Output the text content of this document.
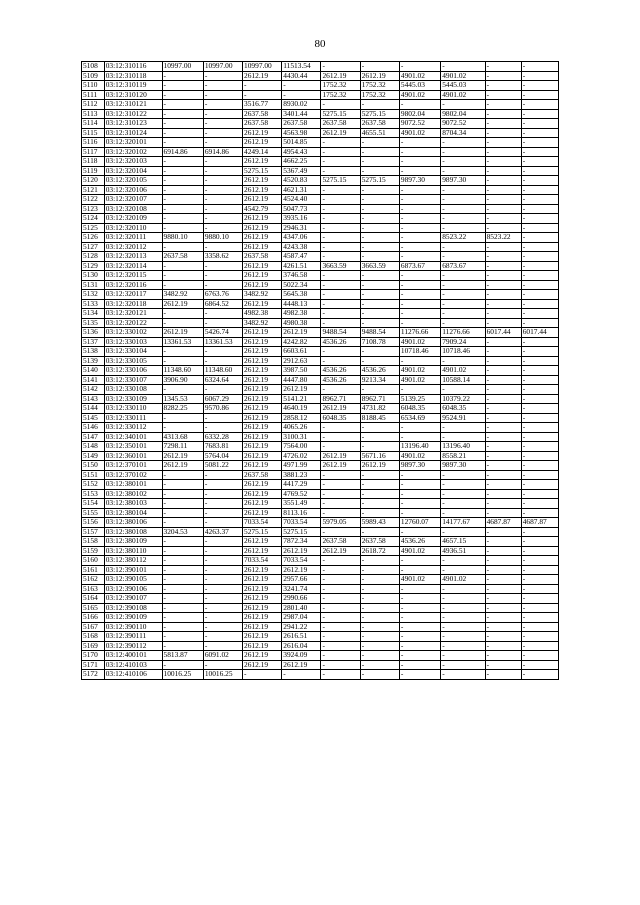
80
5108	03:12:310116	10997.00	10997.00	10997.00	11513.54	-	-	-	-	-	-
5109	03:12:310118	-	-	2612.19	4430.44	2612.19	2612.19	4901.02	4901.02	-	-
5110	03:12:310119	-	-	-	-	1752.32	1752.32	5445.03	5445.03	-	-
5111	03:12:310120	-	-	-	-	1752.32	1752.32	4901.02	4901.02	-	-
5112	03:12:310121	-	-	3516.77	8930.02	-	-	-	-	-	-
5113	03:12:310122	-	-	2637.58	3401.44	5275.15	5275.15	9802.04	9802.04	-	-
5114	03:12:310123	-	-	2637.58	2637.58	2637.58	2637.58	9072.52	9072.52	-	-
5115	03:12:310124	-	-	2612.19	4563.98	2612.19	4655.51	4901.02	8704.34	-	-
5116	03:12:320101	-	-	2612.19	5014.85	-	-	-	-	-	-
5117	03:12:320102	6914.86	6914.86	4249.14	4954.43	-	-	-	-	-	-
5118	03:12:320103	-	-	2612.19	4662.25	-	-	-	-	-	-
5119	03:12:320104	-	-	5275.15	5367.49	-	-	-	-	-	-
5120	03:12:320105	-	-	2612.19	4520.83	5275.15	5275.15	9897.30	9897.30	-	-
5121	03:12:320106	-	-	2612.19	4621.31	-	-	-	-	-	-
5122	03:12:320107	-	-	2612.19	4524.40	-	-	-	-	-	-
5123	03:12:320108	-	-	4542.79	5047.73	-	-	-	-	-	-
5124	03:12:320109	-	-	2612.19	3935.16	-	-	-	-	-	-
5125	03:12:320110	-	-	2612.19	2946.31	-	-	-	-	-	-
5126	03:12:320111	9880.10	9880.10	2612.19	4347.06	-	-	-	8523.22	8523.22	-
5127	03:12:320112	-	-	2612.19	4243.38	-	-	-	-	-	-
5128	03:12:320113	2637.58	3358.62	2637.58	4587.47	-	-	-	-	-	-
5129	03:12:320114	-	-	2612.19	4261.51	3663.59	3663.59	6873.67	6873.67	-	-
5130	03:12:320115	-	-	2612.19	3746.58	-	-	-	-	-	-
5131	03:12:320116	-	-	2612.19	5022.34	-	-	-	-	-	-
5132	03:12:320117	3482.92	6763.76	3482.92	5645.38	-	-	-	-	-	-
5133	03:12:320118	2612.19	6864.52	2612.19	4448.13	-	-	-	-	-	-
5134	03:12:320121	-	-	4982.38	4982.38	-	-	-	-	-	-
5135	03:12:320122	-	-	3482.92	4980.38	-	-	-	-	-	-
5136	03:12:330102	2612.19	5426.74	2612.19	2612.19	9488.54	9488.54	11276.66	11276.66	6017.44	6017.44
5137	03:12:330103	13361.53	13361.53	2612.19	4242.82	4536.26	7108.78	4901.02	7909.24	-	-
5138	03:12:330104	-	-	2612.19	6603.61	-	-	10718.46	10718.46	-	-
5139	03:12:330105	-	-	2612.19	2912.63	-	-	-	-	-	-
5140	03:12:330106	11348.60	11348.60	2612.19	3987.50	4536.26	4536.26	4901.02	4901.02	-	-
5141	03:12:330107	3906.90	6324.64	2612.19	4447.80	4536.26	9213.34	4901.02	10588.14	-	-
5142	03:12:330108	-	-	2612.19	2612.19	-	-	-	-	-	-
5143	03:12:330109	1345.53	6067.29	2612.19	5141.21	8962.71	8962.71	5139.25	10379.22	-	-
5144	03:12:330110	8282.25	9570.86	2612.19	4640.19	2612.19	4731.82	6048.35	6048.35	-	-
5145	03:12:330111	-	-	2612.19	2858.12	6048.35	8188.45	6534.69	9524.91	-	-
5146	03:12:330112	-	-	2612.19	4065.26	-	-	-	-	-	-
5147	03:12:340101	4313.68	6332.28	2612.19	3100.31	-	-	-	-	-	-
5148	03:12:350101	7298.11	7683.81	2612.19	7564.00	-	-	13196.40	13196.40	-	-
5149	03:12:360101	2612.19	5764.04	2612.19	4726.02	2612.19	5671.16	4901.02	8558.21	-	-
5150	03:12:370101	2612.19	5081.22	2612.19	4971.99	2612.19	2612.19	9897.30	9897.30	-	-
5151	03:12:370102	-	-	2637.58	3881.23	-	-	-	-	-	-
5152	03:12:380101	-	-	2612.19	4417.29	-	-	-	-	-	-
5153	03:12:380102	-	-	2612.19	4769.52	-	-	-	-	-	-
5154	03:12:380103	-	-	2612.19	3551.49	-	-	-	-	-	-
5155	03:12:380104	-	-	2612.19	8113.16	-	-	-	-	-	-
5156	03:12:380106	-	-	7033.54	7033.54	5979.05	5989.43	12760.07	14177.67	4687.87	4687.87
5157	03:12:380108	3204.53	4263.37	5275.15	5275.15	-	-	-	-	-	-
5158	03:12:380109	-	-	2612.19	7872.34	2637.58	2637.58	4536.26	4657.15	-	-
5159	03:12:380110	-	-	2612.19	2612.19	2612.19	2618.72	4901.02	4936.51	-	-
5160	03:12:380112	-	-	7033.54	7033.54	-	-	-	-	-	-
5161	03:12:390101	-	-	2612.19	2612.19	-	-	-	-	-	-
5162	03:12:390105	-	-	2612.19	2957.66	-	-	4901.02	4901.02	-	-
5163	03:12:390106	-	-	2612.19	3241.74	-	-	-	-	-	-
5164	03:12:390107	-	-	2612.19	2990.66	-	-	-	-	-	-
5165	03:12:390108	-	-	2612.19	2801.40	-	-	-	-	-	-
5166	03:12:390109	-	-	2612.19	2987.04	-	-	-	-	-	-
5167	03:12:390110	-	-	2612.19	2941.22	-	-	-	-	-	-
5168	03:12:390111	-	-	2612.19	2616.51	-	-	-	-	-	-
5169	03:12:390112	-	-	2612.19	2616.04	-	-	-	-	-	-
5170	03:12:400101	5813.87	6091.02	2612.19	3924.09	-	-	-	-	-	-
5171	03:12:410103	-	-	2612.19	2612.19	-	-	-	-	-	-
5172	03:12:410106	10016.25	10016.25	-	-	-	-	-	-	-	-
